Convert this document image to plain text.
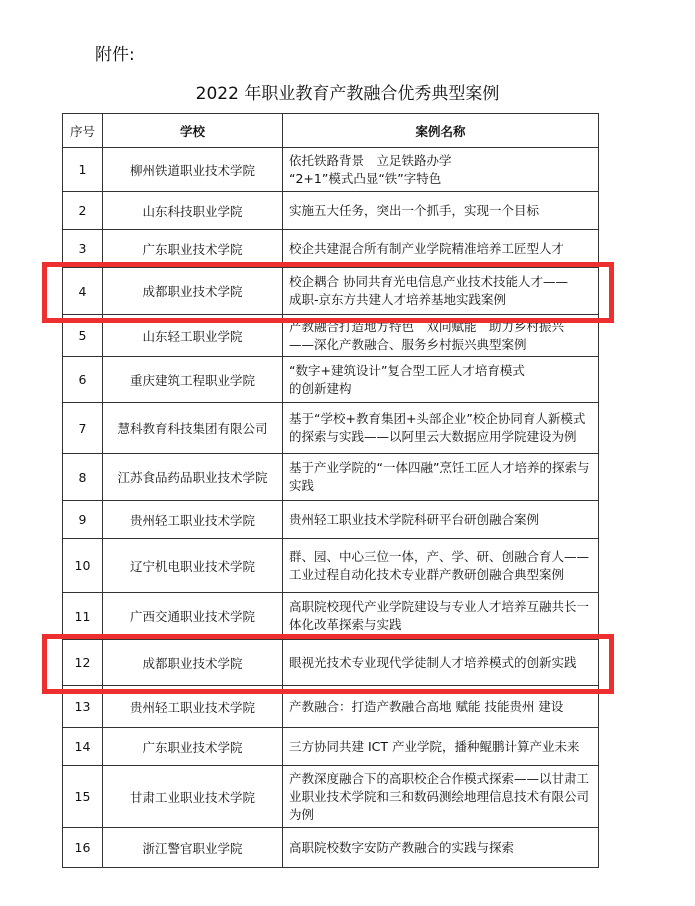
附件:
2022 年职业教育产教融合优秀典型案例
序号	学校	案例名称
1	柳州铁道职业技术学院	依托铁路背景　立足铁路办学
“2+1”模式凸显“铁”字特色
2	山东科技职业学院	实施五大任务，突出一个抓手，实现一个目标
3	广东职业技术学院	校企共建混合所有制产业学院精准培养工匠型人才
4	成都职业技术学院	校企耦合 协同共育光电信息产业技术技能人才——
成职-京东方共建人才培养基地实践案例
5	山东轻工职业学院	产教融合打造地方特色　双向赋能　助力乡村振兴
——深化产教融合、服务乡村振兴典型案例
6	重庆建筑工程职业学院	“数字+建筑设计”复合型工匠人才培育模式
的创新建构
7	慧科教育科技集团有限公司	基于“学校+教育集团+头部企业”校企协同育人新模式的探索与实践——以阿里云大数据应用学院建设为例
8	江苏食品药品职业技术学院	基于产业学院的“一体四融”烹饪工匠人才培养的探索与实践
9	贵州轻工职业技术学院	贵州轻工职业技术学院科研平台研创融合案例
10	辽宁机电职业技术学院	群、园、中心三位一体，产、学、研、创融合育人——工业过程自动化技术专业群产教研创融合典型案例
11	广西交通职业技术学院	高职院校现代产业学院建设与专业人才培养互融共长一体化改革探索与实践
12	成都职业技术学院	眼视光技术专业现代学徒制人才培养模式的创新实践
13	贵州轻工职业技术学院	产教融合：打造产教融合高地 赋能 技能贵州 建设
14	广东职业技术学院	三方协同共建 ICT 产业学院，播种鲲鹏计算产业未来
15	甘肃工业职业技术学院	产教深度融合下的高职校企合作模式探索——以甘肃工业职业技术学院和三和数码测绘地理信息技术有限公司为例
16	浙江警官职业学院	高职院校数字安防产教融合的实践与探索
